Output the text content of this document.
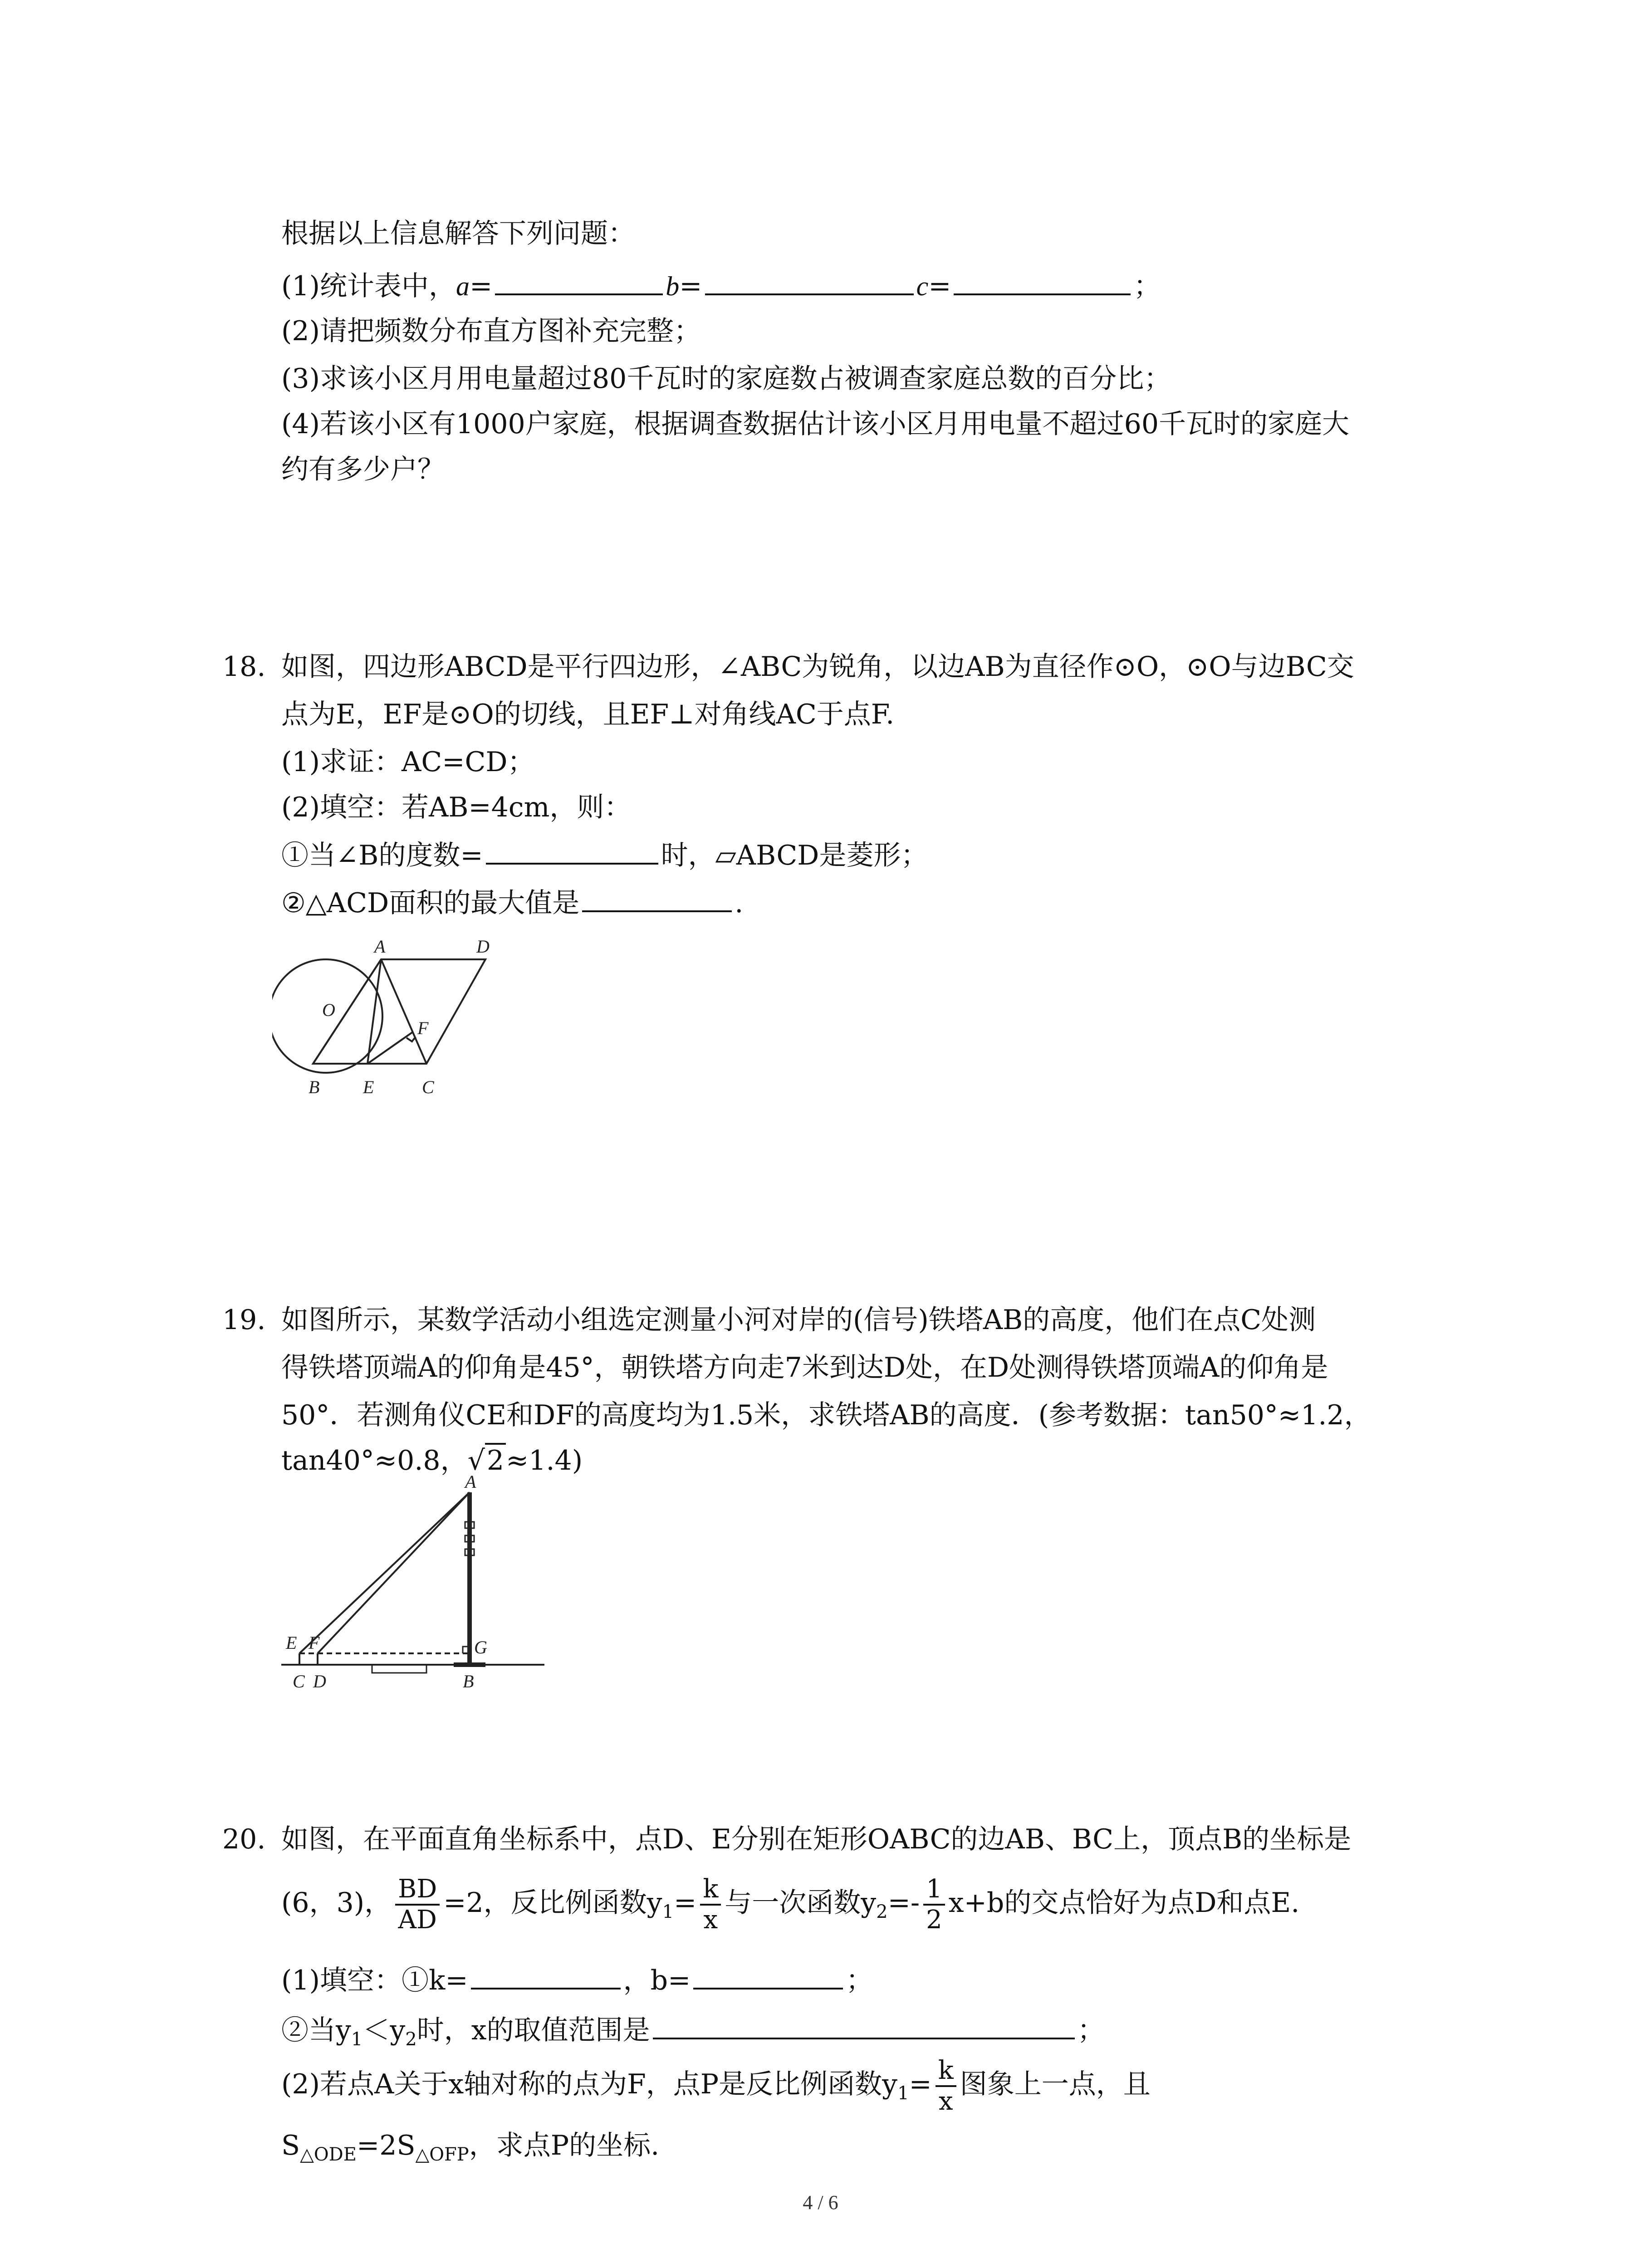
根据以上信息解答下列问题：
(1)统计表中，a=	b=	c=	；
(2)请把频数分布直方图补充完整；
(3)求该小区月用电量超过80千瓦时的家庭数占被调查家庭总数的百分比；
(4)若该小区有1000户家庭，根据调查数据估计该小区月用电量不超过60千瓦时的家庭大
约有多少户？
18. 如图，四边形ABCD是平行四边形，∠ABC为锐角，以边AB为直径作⊙O，⊙O与边BC交
点为E，EF是⊙O的切线，且EF⊥对角线AC于点F.
(1)求证：AC=CD；
(2)填空：若AB=4cm，则：
①当∠B的度数=	时，▱ABCD是菱形；
②△ACD面积的最大值是	.
A
B	C
D
E
F
O
19. 如图所示，某数学活动小组选定测量小河对岸的(信号)铁塔AB的高度，他们在点C处测
得铁塔顶端A的仰角是45°，朝铁塔方向走7米到达D处，在D处测得铁塔顶端A的仰角是
50°．若测角仪CE和DF的高度均为1.5米，求铁塔AB的高度．(参考数据：tan50°≈1.2，
tan40°≈0.8，√2≈1.4)
A
B
C D
E F	G
20. 如图，在平面直角坐标系中，点D、E分别在矩形OABC的边AB、BC上，顶点B的坐标是
(6，3)， $\frac{BD}{AD} =2$，反比例函数$y_1= \frac{k}{x}$ 与一次函数$y_2=- \frac{1}{2} x+b$的交点恰好为点D和点E.
(1)填空：①k=	，b=	；
②当$y_1<y_2$时，x的取值范围是	；
(2)若点A关于x轴对称的点为F，点P是反比例函数$y_1= \frac{k}{x}$ 图象上一点，且
$S_{\triangle ODE}=2S_{\triangle OFP}$，求点P的坐标.
4 / 6
